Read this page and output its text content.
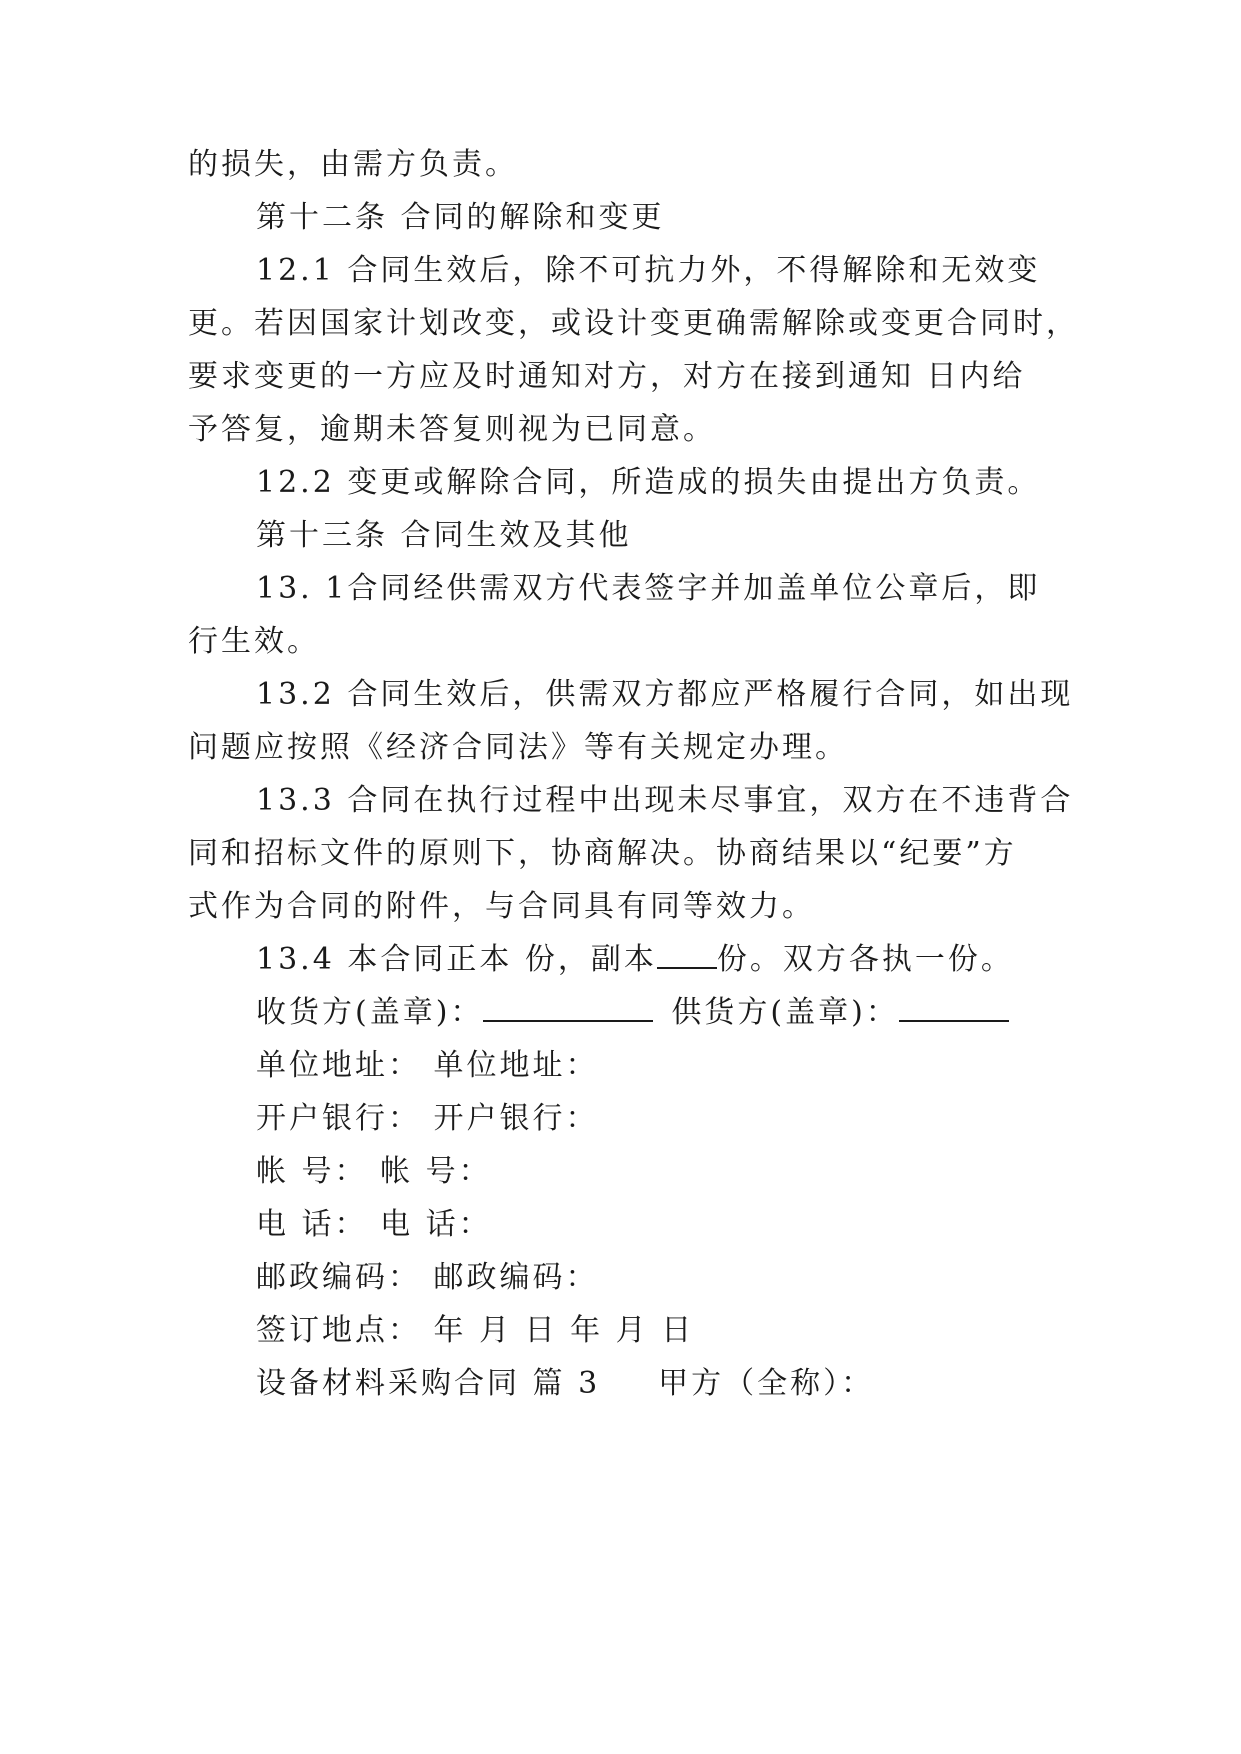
的损失，由需方负责。
第十二条 合同的解除和变更
12.1 合同生效后，除不可抗力外，不得解除和无效变
更。若因国家计划改变，或设计变更确需解除或变更合同时，
要求变更的一方应及时通知对方，对方在接到通知 日内给
予答复，逾期未答复则视为已同意。
12.2 变更或解除合同，所造成的损失由提出方负责。
第十三条 合同生效及其他
13. 1合同经供需双方代表签字并加盖单位公章后，即
行生效。
13.2 合同生效后，供需双方都应严格履行合同，如出现
问题应按照《经济合同法》等有关规定办理。
13.3 合同在执行过程中出现未尽事宜，双方在不违背合
同和招标文件的原则下，协商解决。协商结果以“纪要”方
式作为合同的附件，与合同具有同等效力。
13.4 本合同正本 份，副本 份。双方各执一份。
收货方(盖章)：	供货方(盖章)：
单位地址： 单位地址：
开户银行： 开户银行：
帐 号： 帐 号：
电 话： 电 话：
邮政编码： 邮政编码：
签订地点： 年 月 日 年 月 日
设备材料采购合同 篇 3 甲方（全称）：
